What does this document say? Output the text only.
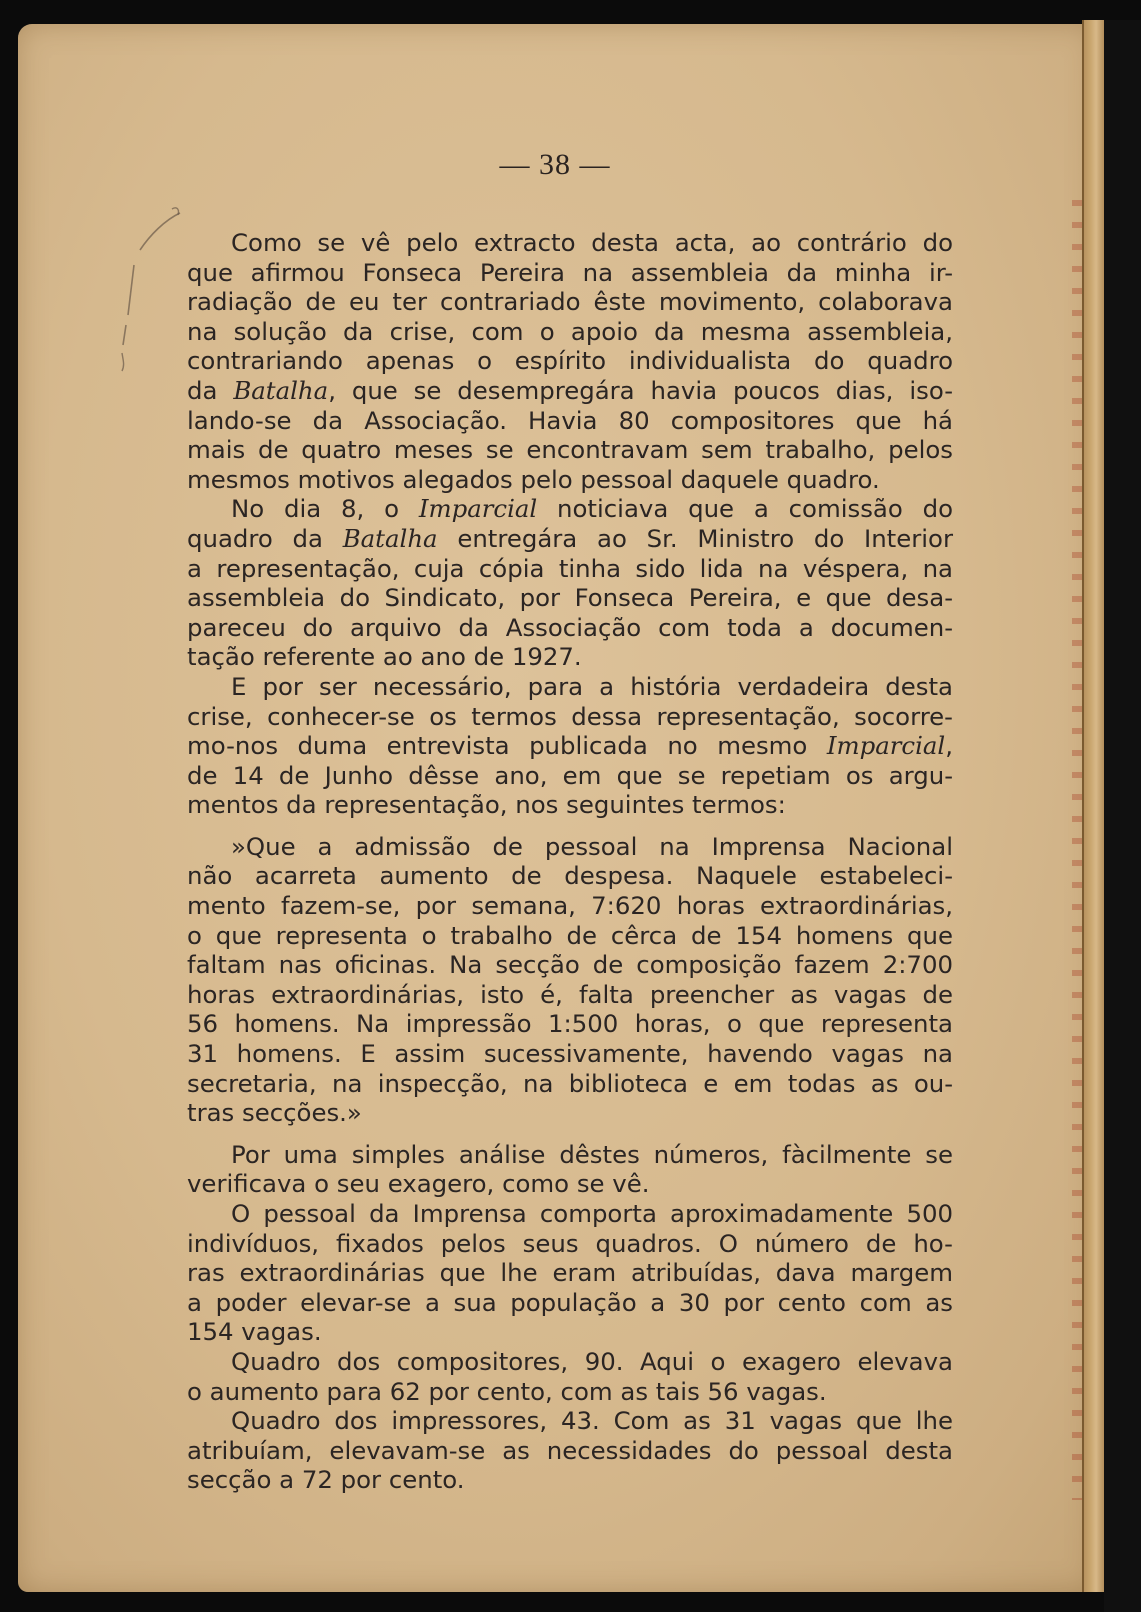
— 38 —
Como se vê pelo extracto desta acta, ao contrário do
que afirmou Fonseca Pereira na assembleia da minha ir-
radiação de eu ter contrariado êste movimento, colaborava
na solução da crise, com o apoio da mesma assembleia,
contrariando apenas o espírito individualista do quadro
da Batalha, que se desempregára havia poucos dias, iso-
lando-se da Associação. Havia 80 compositores que há
mais de quatro meses se encontravam sem trabalho, pelos
mesmos motivos alegados pelo pessoal daquele quadro.
No dia 8, o Imparcial noticiava que a comissão do
quadro da Batalha entregára ao Sr. Ministro do Interior
a representação, cuja cópia tinha sido lida na véspera, na
assembleia do Sindicato, por Fonseca Pereira, e que desa-
pareceu do arquivo da Associação com toda a documen-
tação referente ao ano de 1927.
E por ser necessário, para a história verdadeira desta
crise, conhecer-se os termos dessa representação, socorre-
mo-nos duma entrevista publicada no mesmo Imparcial,
de 14 de Junho dêsse ano, em que se repetiam os argu-
mentos da representação, nos seguintes termos:
»Que a admissão de pessoal na Imprensa Nacional
não acarreta aumento de despesa. Naquele estabeleci-
mento fazem-se, por semana, 7:620 horas extraordinárias,
o que representa o trabalho de cêrca de 154 homens que
faltam nas oficinas. Na secção de composição fazem 2:700
horas extraordinárias, isto é, falta preencher as vagas de
56 homens. Na impressão 1:500 horas, o que representa
31 homens. E assim sucessivamente, havendo vagas na
secretaria, na inspecção, na biblioteca e em todas as ou-
tras secções.»
Por uma simples análise dêstes números, fàcilmente se
verificava o seu exagero, como se vê.
O pessoal da Imprensa comporta aproximadamente 500
indivíduos, fixados pelos seus quadros. O número de ho-
ras extraordinárias que lhe eram atribuídas, dava margem
a poder elevar-se a sua população a 30 por cento com as
154 vagas.
Quadro dos compositores, 90. Aqui o exagero elevava
o aumento para 62 por cento, com as tais 56 vagas.
Quadro dos impressores, 43. Com as 31 vagas que lhe
atribuíam, elevavam-se as necessidades do pessoal desta
secção a 72 por cento.
